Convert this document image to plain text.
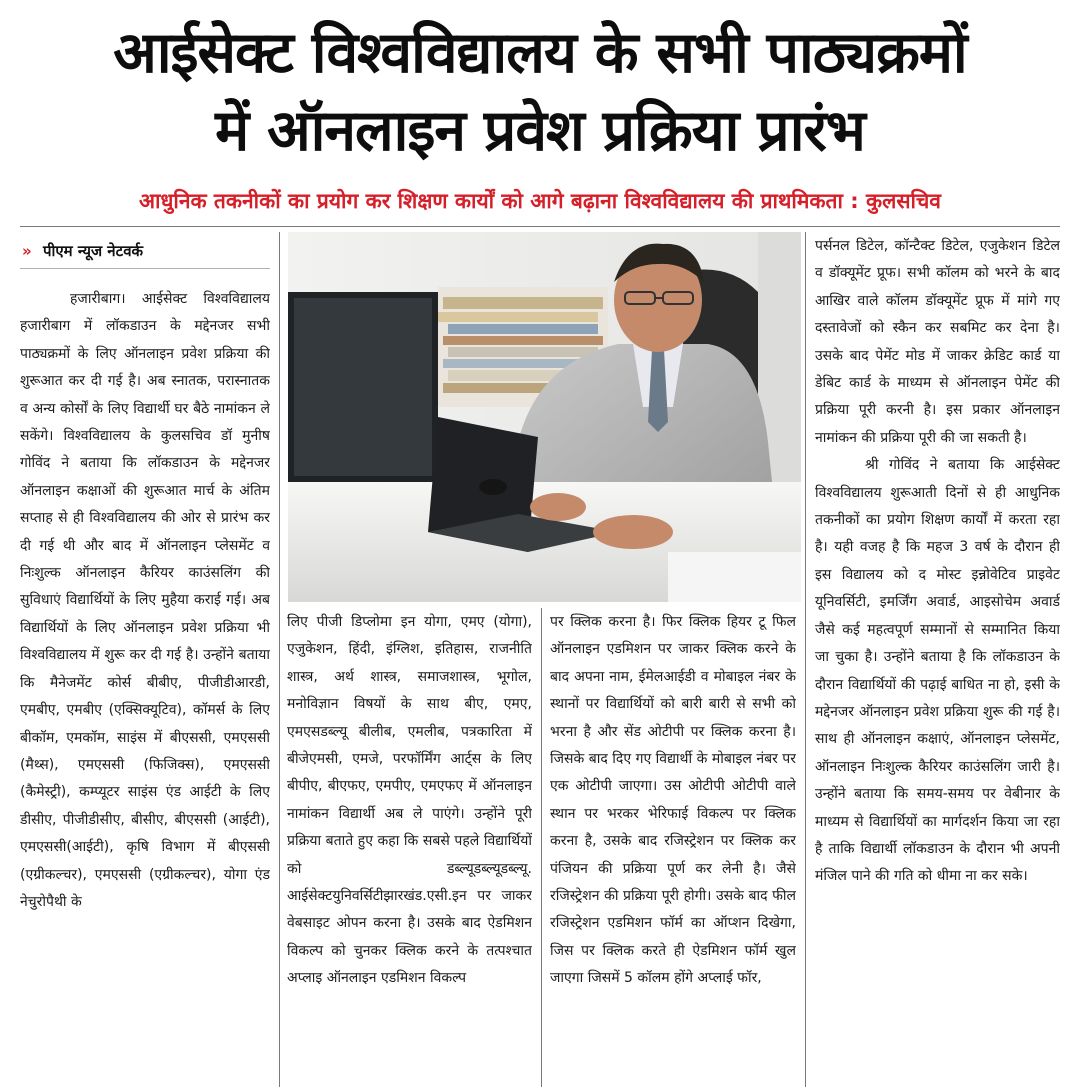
आईसेक्ट विश्वविद्यालय के सभी पाठ्यक्रमों
में ऑनलाइन प्रवेश प्रक्रिया प्रारंभ
आधुनिक तकनीकों का प्रयोग कर शिक्षण कार्यों को आगे बढ़ाना विश्वविद्यालय की प्राथमिकता : कुलसचिव
» पीएम न्यूज नेटवर्क

हजारीबाग। आईसेक्ट विश्वविद्यालय हजारीबाग में लॉकडाउन के मद्देनजर सभी पाठ्यक्रमों के लिए ऑनलाइन प्रवेश प्रक्रिया की शुरूआत कर दी गई है। अब स्नातक, परास्नातक व अन्य कोर्सों के लिए विद्यार्थी घर बैठे नामांकन ले सकेंगे। विश्वविद्यालय के कुलसचिव डॉ मुनीष गोविंद ने बताया कि लॉकडाउन के मद्देनजर ऑनलाइन कक्षाओं की शुरूआत मार्च के अंतिम सप्ताह से ही विश्वविद्यालय की ओर से प्रारंभ कर दी गई थी और बाद में ऑनलाइन प्लेसमेंट व निःशुल्क ऑनलाइन कैरियर काउंसलिंग की सुविधाएं विद्यार्थियों के लिए मुहैया कराई गई। अब विद्यार्थियों के लिए ऑनलाइन प्रवेश प्रक्रिया भी विश्वविद्यालय में शुरू कर दी गई है। उन्होंने बताया कि मैनेजमेंट कोर्स बीबीए, पीजीडीआरडी, एमबीए, एमबीए (एक्सिक्यूटिव), कॉमर्स के लिए बीकॉम, एमकॉम, साइंस में बीएससी, एमएससी (मैथ्स), एमएससी (फिजिक्स), एमएससी (कैमेस्ट्री), कम्प्यूटर साइंस एंड आईटी के लिए डीसीए, पीजीडीसीए, बीसीए, बीएससी (आईटी), एमएससी(आईटी), कृषि विभाग में बीएससी (एग्रीकल्चर), एमएससी (एग्रीकल्चर), योगा एंड नेचुरोपैथी के

लिए पीजी डिप्लोमा इन योगा, एमए (योगा), एजुकेशन, हिंदी, इंग्लिश, इतिहास, राजनीति शास्त्र, अर्थ शास्त्र, समाजशास्त्र, भूगोल, मनोविज्ञान विषयों के साथ बीए, एमए, एमएसडब्ल्यू बीलीब, एमलीब, पत्रकारिता में बीजेएमसी, एमजे, परफॉर्मिंग आर्ट्स के लिए बीपीए, बीएफए, एमपीए, एमएफए में ऑनलाइन नामांकन विद्यार्थी अब ले पाएंगे। उन्होंने पूरी प्रक्रिया बताते हुए कहा कि सबसे पहले विद्यार्थियों को डब्ल्यूडब्ल्यूडब्ल्यू. आईसेक्टयुनिवर्सिटीझारखंड.एसी.इन पर जाकर वेबसाइट ओपन करना है। उसके बाद ऐडमिशन विकल्प को चुनकर क्लिक करने के तत्पश्चात अप्लाइ ऑनलाइन एडमिशन विकल्प

पर क्लिक करना है। फिर क्लिक हियर टू फिल ऑनलाइन एडमिशन पर जाकर क्लिक करने के बाद अपना नाम, ईमेलआईडी व मोबाइल नंबर के स्थानों पर विद्यार्थियों को बारी बारी से सभी को भरना है और सेंड ओटीपी पर क्लिक करना है। जिसके बाद दिए गए विद्यार्थी के मोबाइल नंबर पर एक ओटीपी जाएगा। उस ओटीपी ओटीपी वाले स्थान पर भरकर भेरिफाई विकल्प पर क्लिक करना है, उसके बाद रजिस्ट्रेशन पर क्लिक कर पंजियन की प्रक्रिया पूर्ण कर लेनी है। जैसे रजिस्ट्रेशन की प्रक्रिया पूरी होगी। उसके बाद फील रजिस्ट्रेशन एडमिशन फॉर्म का ऑप्शन दिखेगा, जिस पर क्लिक करते ही ऐडमिशन फॉर्म खुल जाएगा जिसमें 5 कॉलम होंगे अप्लाई फॉर,

पर्सनल डिटेल, कॉन्टैक्ट डिटेल, एजुकेशन डिटेल व डॉक्यूमेंट प्रूफ। सभी कॉलम को भरने के बाद आखिर वाले कॉलम डॉक्यूमेंट प्रूफ में मांगे गए दस्तावेजों को स्कैन कर सबमिट कर देना है। उसके बाद पेमेंट मोड में जाकर क्रेडिट कार्ड या डेबिट कार्ड के माध्यम से ऑनलाइन पेमेंट की प्रक्रिया पूरी करनी है। इस प्रकार ऑनलाइन नामांकन की प्रक्रिया पूरी की जा सकती है।

श्री गोविंद ने बताया कि आईसेक्ट विश्वविद्यालय शुरूआती दिनों से ही आधुनिक तकनीकों का प्रयोग शिक्षण कार्यों में करता रहा है। यही वजह है कि महज 3 वर्ष के दौरान ही इस विद्यालय को द मोस्ट इन्नोवेटिव प्राइवेट यूनिवर्सिटी, इमर्जिंग अवार्ड, आइसोचेम अवार्ड जैसे कई महत्वपूर्ण सम्मानों से सम्मानित किया जा चुका है। उन्होंने बताया है कि लॉकडाउन के दौरान विद्यार्थियों की पढ़ाई बाधित ना हो, इसी के मद्देनजर ऑनलाइन प्रवेश प्रक्रिया शुरू की गई है। साथ ही ऑनलाइन कक्षाएं, ऑनलाइन प्लेसमेंट, ऑनलाइन निःशुल्क कैरियर काउंसलिंग जारी है। उन्होंने बताया कि समय-समय पर वेबीनार के माध्यम से विद्यार्थियों का मार्गदर्शन किया जा रहा है ताकि विद्यार्थी लॉकडाउन के दौरान भी अपनी मंजिल पाने की गति को धीमा ना कर सके।
